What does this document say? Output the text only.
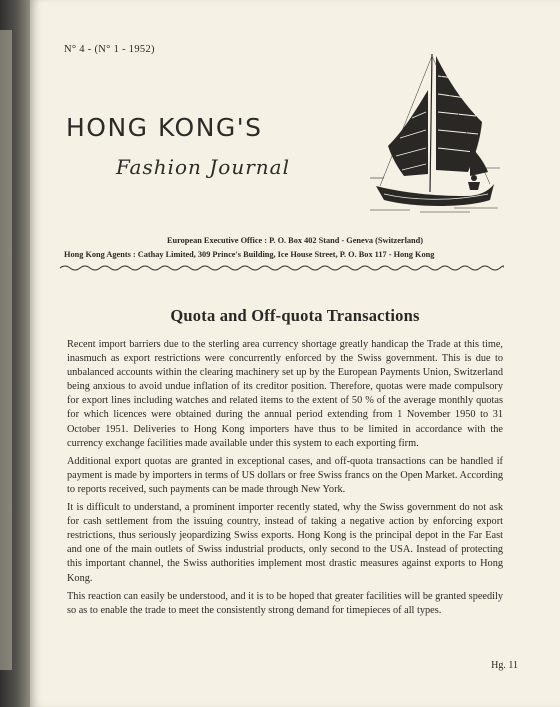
N° 4 - (N° 1 - 1952)
HONG KONG'S
Fashion Journal
European Executive Office : P. O. Box 402 Stand - Geneva (Switzerland)
Hong Kong Agents : Cathay Limited, 309 Prince's Building, Ice House Street, P. O. Box 117 - Hong Kong
Quota and Off-quota Transactions

Recent import barriers due to the sterling area currency shortage greatly handicap the Trade at this time, inasmuch as export restrictions were concurrently enforced by the Swiss government. This is due to unbalanced accounts within the clearing machinery set up by the European Payments Union, Switzerland being anxious to avoid undue inflation of its creditor position. Therefore, quotas were made compulsory for export lines including watches and related items to the extent of 50 % of the average monthly quotas for which licences were obtained during the annual period extending from 1 November 1950 to 31 October 1951. Deliveries to Hong Kong importers have thus to be limited in accordance with the currency exchange facilities made available under this system to each exporting firm.

Additional export quotas are granted in exceptional cases, and off-quota transactions can be handled if payment is made by importers in terms of US dollars or free Swiss francs on the Open Market. According to reports received, such payments can be made through New York.

It is difficult to understand, a prominent importer recently stated, why the Swiss government do not ask for cash settlement from the issuing country, instead of taking a negative action by enforcing export restrictions, thus seriously jeopardizing Swiss exports. Hong Kong is the principal depot in the Far East and one of the main outlets of Swiss industrial products, only second to the USA. Instead of protecting this important channel, the Swiss authorities implement most drastic measures against exports to Hong Kong.

This reaction can easily be understood, and it is to be hoped that greater facilities will be granted speedily so as to enable the trade to meet the consistently strong demand for timepieces of all types.

Hg. 11
